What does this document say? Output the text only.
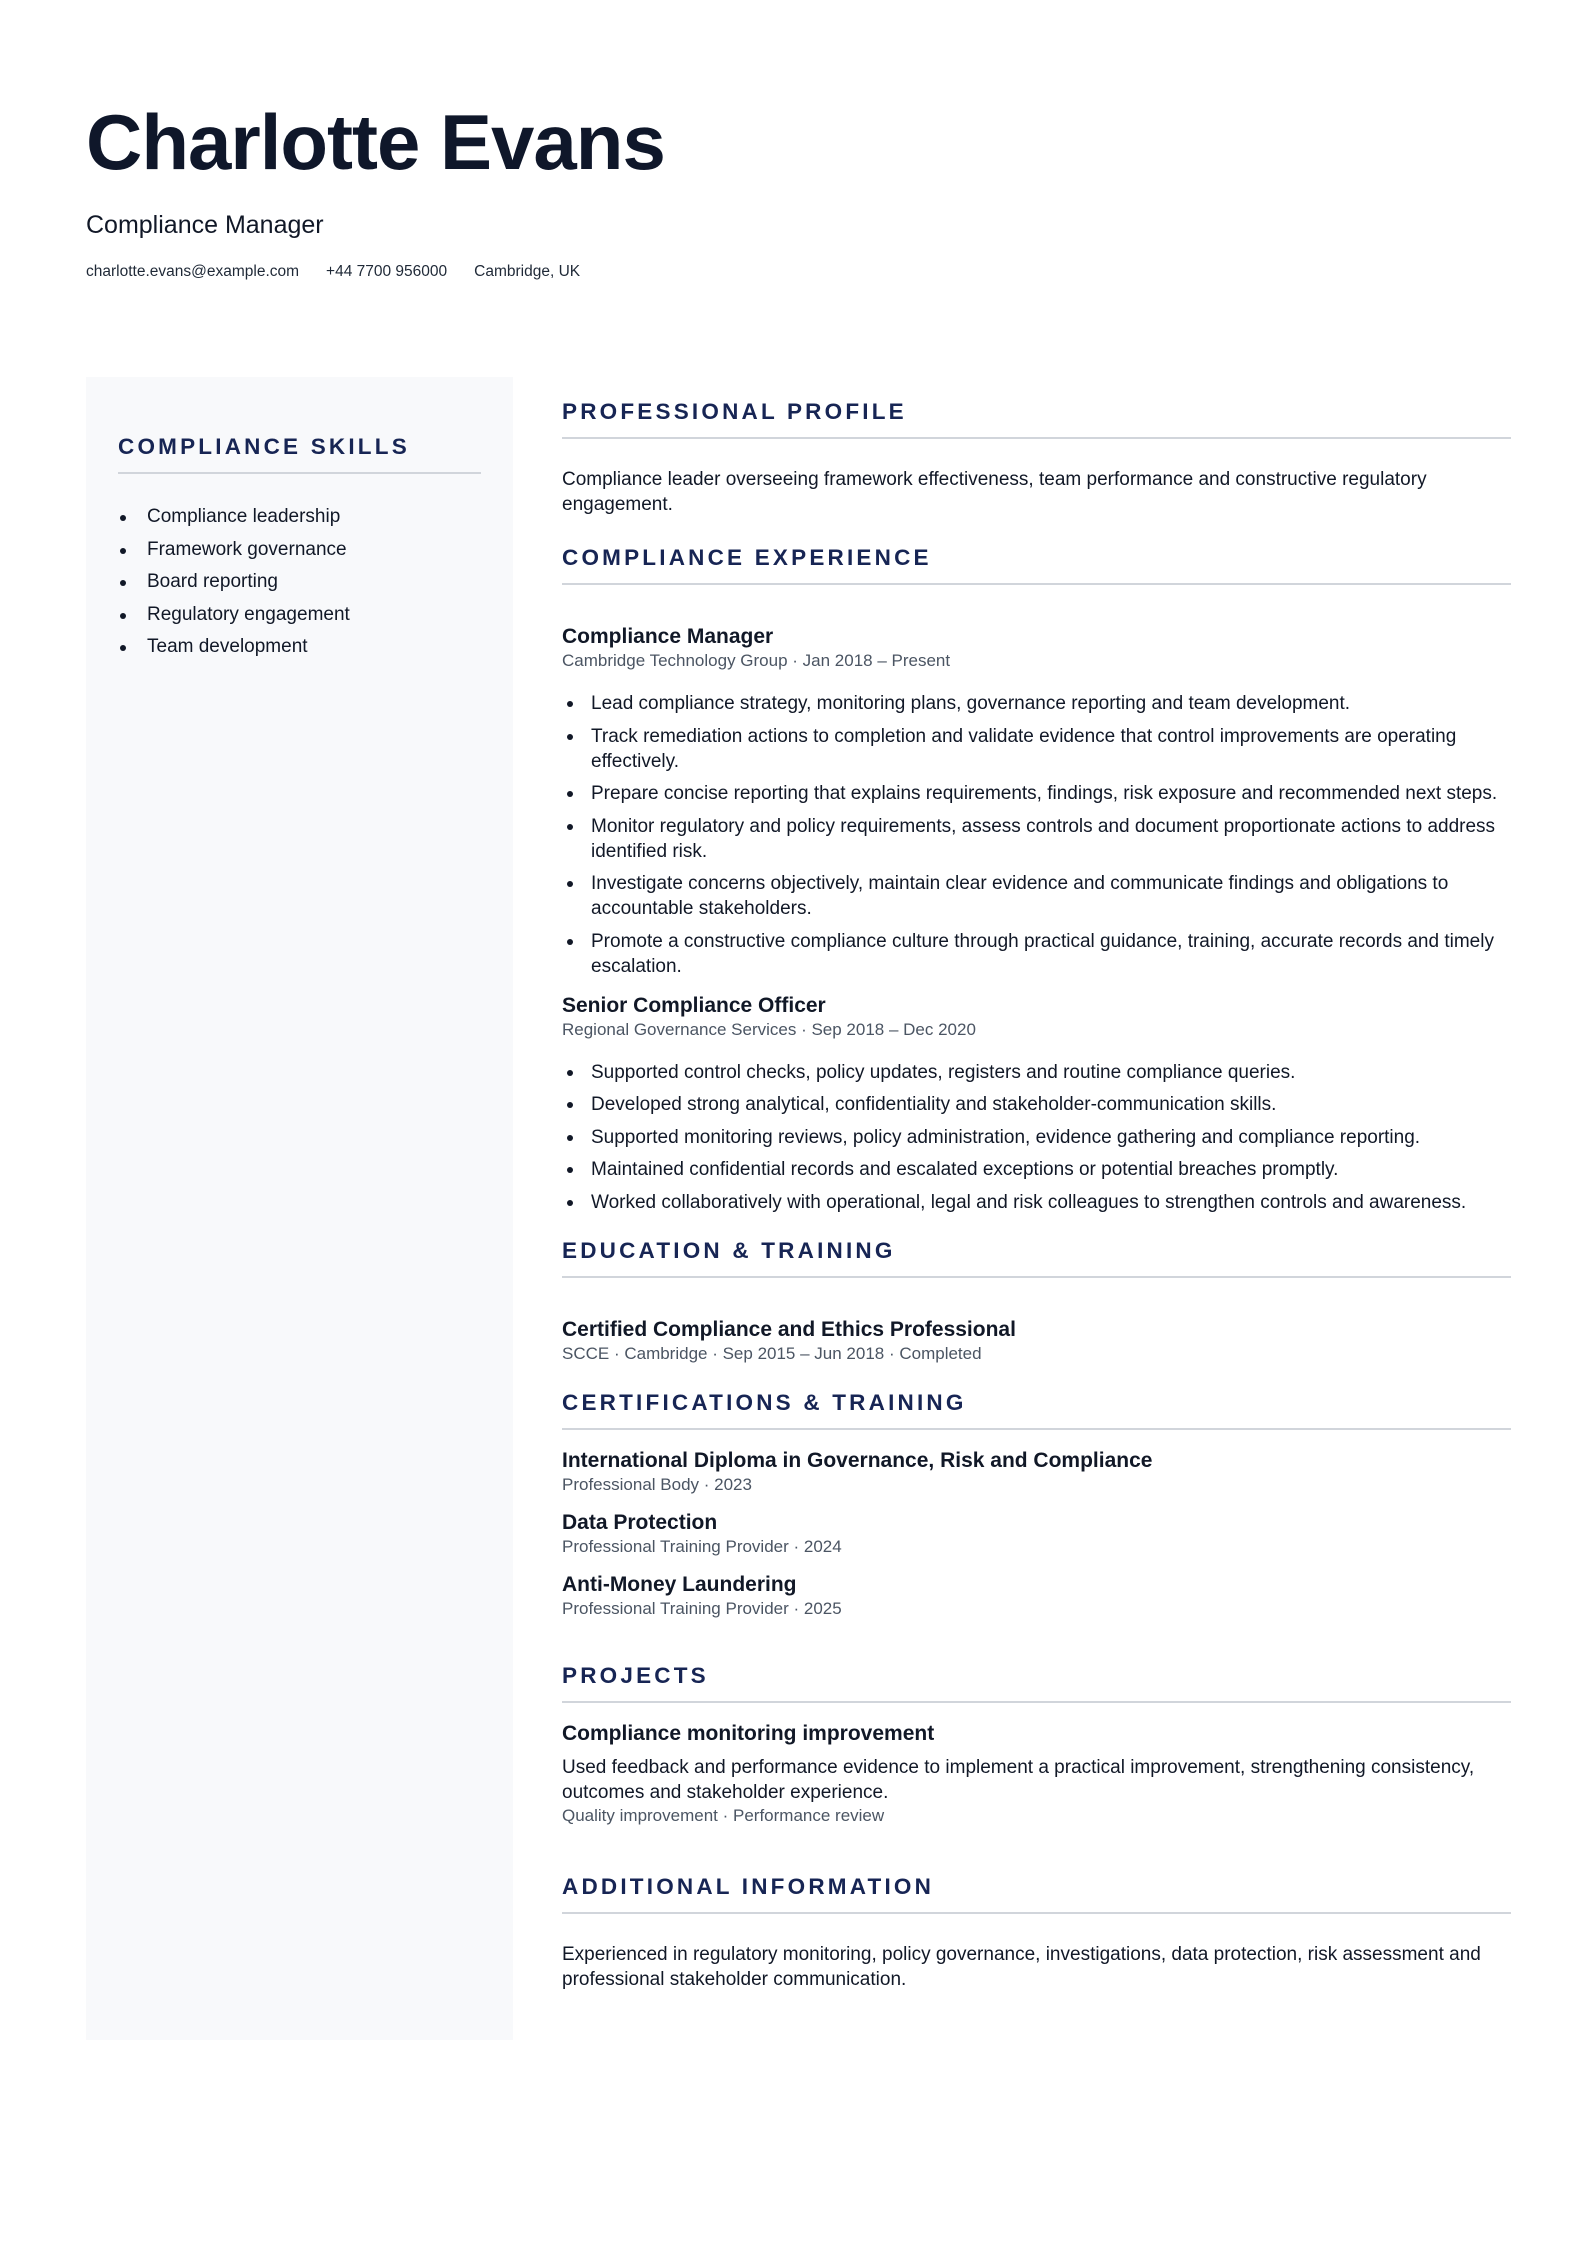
Charlotte Evans
Compliance Manager
charlotte.evans@example.com +44 7700 956000 Cambridge, UK
COMPLIANCE SKILLS
Compliance leadership
Framework governance
Board reporting
Regulatory engagement
Team development
PROFESSIONAL PROFILE
Compliance leader overseeing framework effectiveness, team performance and constructive regulatory engagement.
COMPLIANCE EXPERIENCE
Compliance Manager
Cambridge Technology Group · Jan 2018 – Present
Lead compliance strategy, monitoring plans, governance reporting and team development.
Track remediation actions to completion and validate evidence that control improvements are operating effectively.
Prepare concise reporting that explains requirements, findings, risk exposure and recommended next steps.
Monitor regulatory and policy requirements, assess controls and document proportionate actions to address identified risk.
Investigate concerns objectively, maintain clear evidence and communicate findings and obligations to accountable stakeholders.
Promote a constructive compliance culture through practical guidance, training, accurate records and timely escalation.
Senior Compliance Officer
Regional Governance Services · Sep 2018 – Dec 2020
Supported control checks, policy updates, registers and routine compliance queries.
Developed strong analytical, confidentiality and stakeholder-communication skills.
Supported monitoring reviews, policy administration, evidence gathering and compliance reporting.
Maintained confidential records and escalated exceptions or potential breaches promptly.
Worked collaboratively with operational, legal and risk colleagues to strengthen controls and awareness.
EDUCATION & TRAINING
Certified Compliance and Ethics Professional
SCCE · Cambridge · Sep 2015 – Jun 2018 · Completed
CERTIFICATIONS & TRAINING
International Diploma in Governance, Risk and Compliance
Professional Body · 2023
Data Protection
Professional Training Provider · 2024
Anti-Money Laundering
Professional Training Provider · 2025
PROJECTS
Compliance monitoring improvement
Used feedback and performance evidence to implement a practical improvement, strengthening consistency, outcomes and stakeholder experience.
Quality improvement · Performance review
ADDITIONAL INFORMATION
Experienced in regulatory monitoring, policy governance, investigations, data protection, risk assessment and professional stakeholder communication.
